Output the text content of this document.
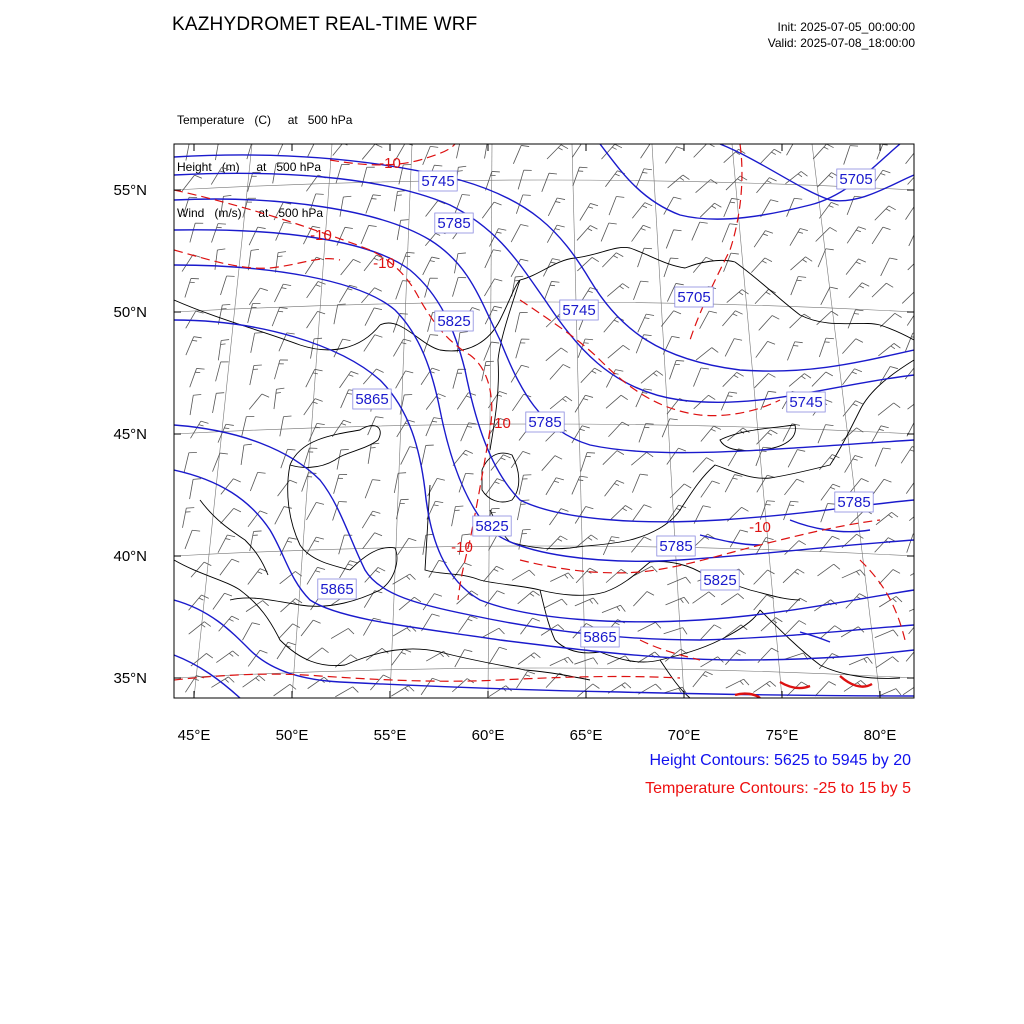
KAZHYDROMET REAL-TIME WRF	Init: 2025-07-05_00:00:00
Valid: 2025-07-08_18:00:00

Temperature   (C)     at   500 hPa

Height   (m)     at   500 hPa

Wind   (m/s)     at   500 hPa

5745	5705
5785
5825
5745
5705
5865
5785
5745
5825
5785
5785
5825
5865
5865
-10
-10
-10
-10
-10
-10
45°E	50°E	55°E	60°E	65°E	70°E	75°E	80°E
55°N
50°N
45°N
40°N
35°N
Height Contours: 5625 to 5945 by 20
Temperature Contours: -25 to 15 by 5
